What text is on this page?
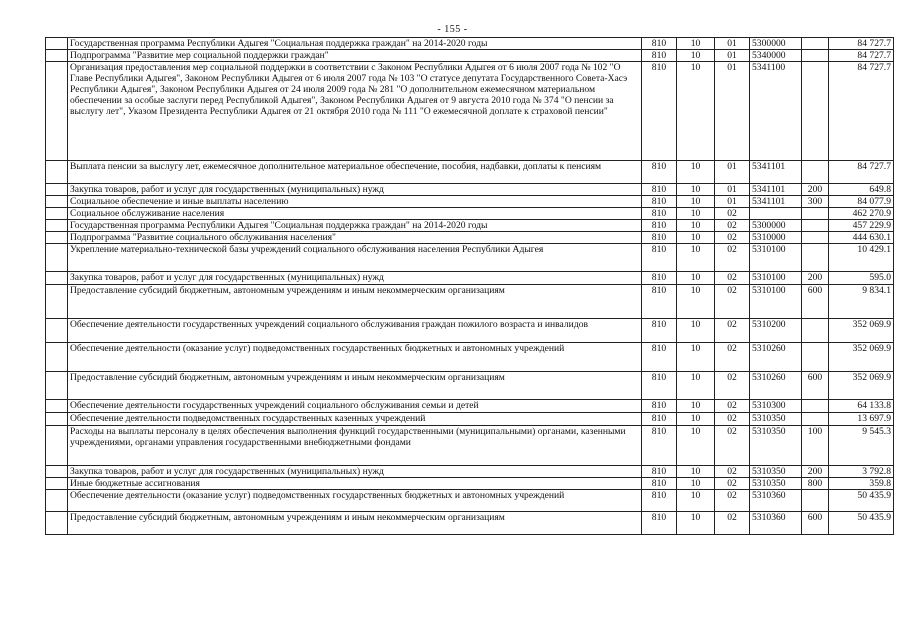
- 155 -
	Государственная программа Республики Адыгея "Социальная поддержка граждан" на 2014-2020 годы	810	10	01	5300000		84 727.7
	Подпрограмма "Развитие мер социальной поддержки граждан"	810	10	01	5340000		84 727.7
	Организация предоставления мер социальной поддержки в соответствии с Законом Республики Адыгея от 6 июля 2007 года № 102 "О Главе Республики Адыгея", Законом Республики Адыгея от 6 июля 2007 года № 103 "О статусе депутата Государственного Совета-Хасэ Республики Адыгея", Законом Республики Адыгея от 24 июля 2009 года № 281 "О дополнительном ежемесячном материальном обеспечении за особые заслуги перед Республикой Адыгея", Законом Республики Адыгея от 9 августа 2010 года № 374 "О пенсии за выслугу лет", Указом Президента Республики Адыгея от 21 октября 2010 года № 111 "О ежемесячной доплате к страховой пенсии"	810	10	01	5341100		84 727.7
	Выплата пенсии за выслугу лет, ежемесячное дополнительное материальное обеспечение, пособия, надбавки, доплаты к пенсиям	810	10	01	5341101		84 727.7
	Закупка товаров, работ и услуг для государственных (муниципальных) нужд	810	10	01	5341101	200	649.8
	Социальное обеспечение и иные выплаты населению	810	10	01	5341101	300	84 077.9
	Социальное обслуживание населения	810	10	02			462 270.9
	Государственная программа Республики Адыгея "Социальная поддержка граждан" на 2014-2020 годы	810	10	02	5300000		457 229.9
	Подпрограмма "Развитие социального обслуживания населения"	810	10	02	5310000		444 630.1
	Укрепление материально-технической базы учреждений социального обслуживания населения Республики Адыгея	810	10	02	5310100		10 429.1
	Закупка товаров, работ и услуг для государственных (муниципальных) нужд	810	10	02	5310100	200	595.0
	Предоставление субсидий бюджетным, автономным учреждениям и иным некоммерческим организациям	810	10	02	5310100	600	9 834.1
	Обеспечение деятельности государственных учреждений социального обслуживания граждан пожилого возраста и инвалидов	810	10	02	5310200		352 069.9
	Обеспечение деятельности (оказание услуг) подведомственных государственных бюджетных и автономных учреждений	810	10	02	5310260		352 069.9
	Предоставление субсидий бюджетным, автономным учреждениям и иным некоммерческим организациям	810	10	02	5310260	600	352 069.9
	Обеспечение деятельности государственных учреждений социального обслуживания семьи и детей	810	10	02	5310300		64 133.8
	Обеспечение деятельности подведомственных государственных казенных учреждений	810	10	02	5310350		13 697.9
	Расходы на выплаты персоналу в целях обеспечения выполнения функций государственными (муниципальными) органами, казенными учреждениями, органами управления государственными внебюджетными фондами	810	10	02	5310350	100	9 545.3
	Закупка товаров, работ и услуг для государственных (муниципальных) нужд	810	10	02	5310350	200	3 792.8
	Иные бюджетные ассигнования	810	10	02	5310350	800	359.8
	Обеспечение деятельности (оказание услуг) подведомственных государственных бюджетных и автономных учреждений	810	10	02	5310360		50 435.9
	Предоставление субсидий бюджетным, автономным учреждениям и иным некоммерческим организациям	810	10	02	5310360	600	50 435.9
